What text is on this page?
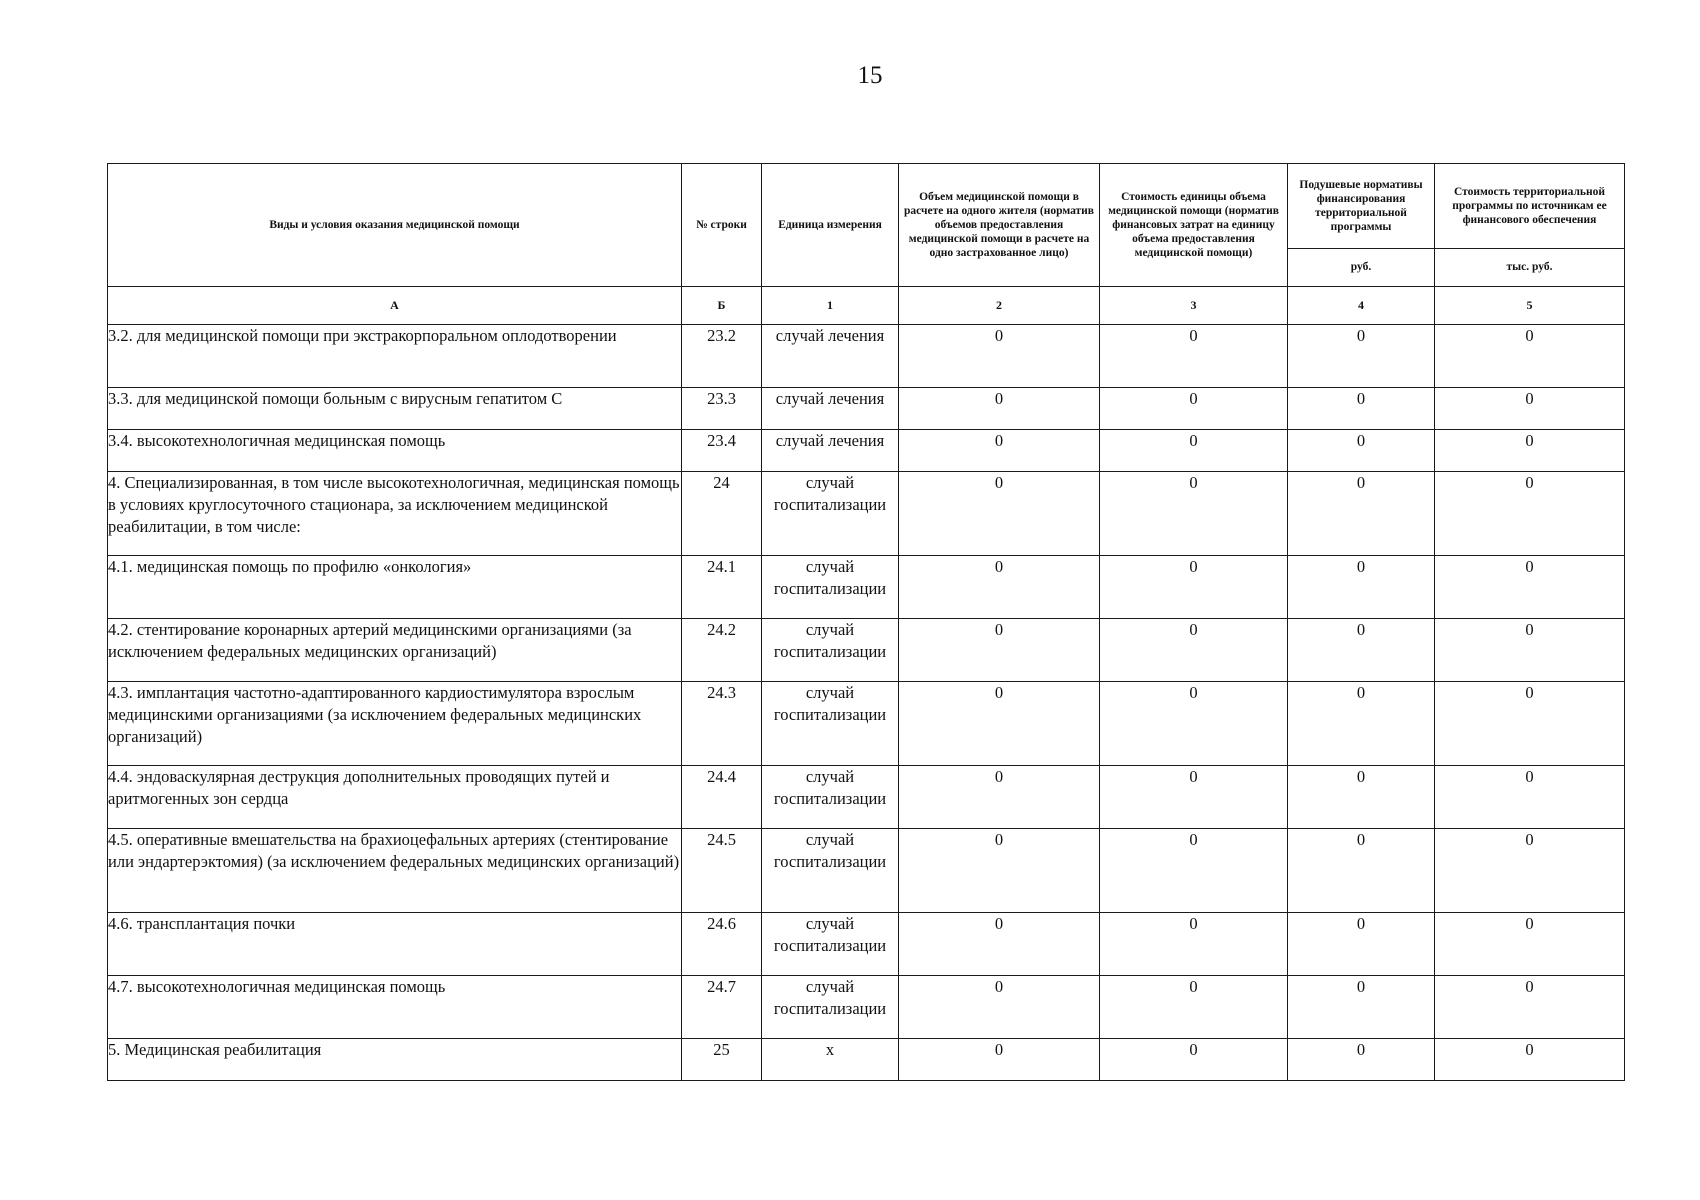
15
Виды и условия оказания медицинской помощи	№ строки	Единица измерения	Объем медицинской помощи в расчете на одного жителя (норматив объемов предоставления медицинской помощи в расчете на одно застрахованное лицо)	Стоимость единицы объема медицинской помощи (норматив финансовых затрат на единицу объема предоставления медицинской помощи)	Подушевые нормативы финансирования территориальной программы	Стоимость территориальной программы по источникам ее финансового обеспечения
					руб.	тыс. руб.
А	Б	1	2	3	4	5
3.2. для медицинской помощи при экстракорпоральном оплодотворении	23.2	случай лечения	0	0	0	0
3.3. для медицинской помощи больным с вирусным гепатитом С	23.3	случай лечения	0	0	0	0
3.4. высокотехнологичная медицинская помощь	23.4	случай лечения	0	0	0	0
4. Специализированная, в том числе высокотехнологичная, медицинская помощь в условиях круглосуточного стационара, за исключением медицинской реабилитации, в том числе:	24	случай госпитализации	0	0	0	0
4.1. медицинская помощь по профилю «онкология»	24.1	случай госпитализации	0	0	0	0
4.2. стентирование коронарных артерий медицинскими организациями (за исключением федеральных медицинских организаций)	24.2	случай госпитализации	0	0	0	0
4.3. имплантация частотно-адаптированного кардиостимулятора взрослым медицинскими организациями (за исключением федеральных медицинских организаций)	24.3	случай госпитализации	0	0	0	0
4.4. эндоваскулярная деструкция дополнительных проводящих путей и аритмогенных зон сердца	24.4	случай госпитализации	0	0	0	0
4.5. оперативные вмешательства на брахиоцефальных артериях (стентирование или эндартерэктомия) (за исключением федеральных медицинских организаций)	24.5	случай госпитализации	0	0	0	0
4.6. трансплантация почки	24.6	случай госпитализации	0	0	0	0
4.7. высокотехнологичная медицинская помощь	24.7	случай госпитализации	0	0	0	0
5. Медицинская реабилитация	25	х	0	0	0	0
